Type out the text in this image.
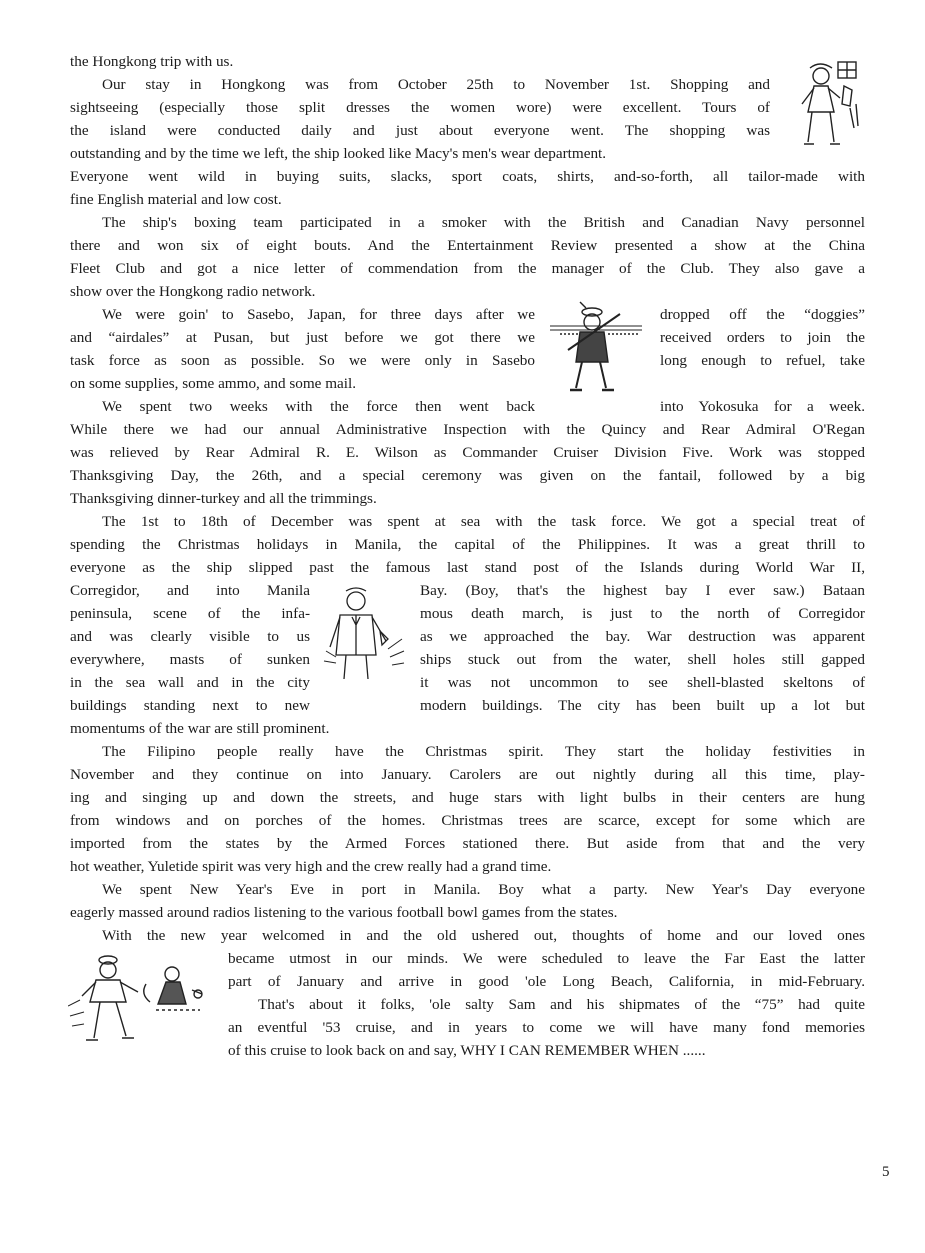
the Hongkong trip with us.
Our stay in Hongkong was from October 25th to November 1st. Shopping and
sightseeing (especially those split dresses the women wore) were excellent. Tours of
the island were conducted daily and just about everyone went. The shopping was
outstanding and by the time we left, the ship looked like Macy's men's wear department.
Everyone went wild in buying suits, slacks, sport coats, shirts, and-so-forth, all tailor-made with
fine English material and low cost.
The ship's boxing team participated in a smoker with the British and Canadian Navy personnel
there and won six of eight bouts. And the Entertainment Review presented a show at the China
Fleet Club and got a nice letter of commendation from the manager of the Club. They also gave a
show over the Hongkong radio network.
We were goin' to Sasebo, Japan, for three days after we	dropped off the “doggies”
and “airdales” at Pusan, but just before we got there we	received orders to join the
task force as soon as possible. So we were only in Sasebo	long enough to refuel, take
on some supplies, some ammo, and some mail.
We spent two weeks with the force then went back	into Yokosuka for a week.
While there we had our annual Administrative Inspection with the Quincy and Rear Admiral O'Regan
was relieved by Rear Admiral R. E. Wilson as Commander Cruiser Division Five. Work was stopped
Thanksgiving Day, the 26th, and a special ceremony was given on the fantail, followed by a big
Thanksgiving dinner-turkey and all the trimmings.
The 1st to 18th of December was spent at sea with the task force. We got a special treat of
spending the Christmas holidays in Manila, the capital of the Philippines. It was a great thrill to
everyone as the ship slipped past the famous last stand post of the Islands during World War II,
Corregidor, and into Manila	Bay. (Boy, that's the highest bay I ever saw.) Bataan
peninsula, scene of the infa-	mous death march, is just to the north of Corregidor
and was clearly visible to us	as we approached the bay. War destruction was apparent
everywhere, masts of sunken	ships stuck out from the water, shell holes still gapped
in the sea wall and in the city	it was not uncommon to see shell-blasted skeltons of
buildings standing next to new	modern buildings. The city has been built up a lot but
momentums of the war are still prominent.
The Filipino people really have the Christmas spirit. They start the holiday festivities in
November and they continue on into January. Carolers are out nightly during all this time, play-
ing and singing up and down the streets, and huge stars with light bulbs in their centers are hung
from windows and on porches of the homes. Christmas trees are scarce, except for some which are
imported from the states by the Armed Forces stationed there. But aside from that and the very
hot weather, Yuletide spirit was very high and the crew really had a grand time.
We spent New Year's Eve in port in Manila. Boy what a party. New Year's Day everyone
eagerly massed around radios listening to the various football bowl games from the states.
With the new year welcomed in and the old ushered out, thoughts of home and our loved ones
became utmost in our minds. We were scheduled to leave the Far East the latter
part of January and arrive in good 'ole Long Beach, California, in mid-February.
That's about it folks, 'ole salty Sam and his shipmates of the “75” had quite
an eventful '53 cruise, and in years to come we will have many fond memories
of this cruise to look back on and say, WHY I CAN REMEMBER WHEN ......
5
